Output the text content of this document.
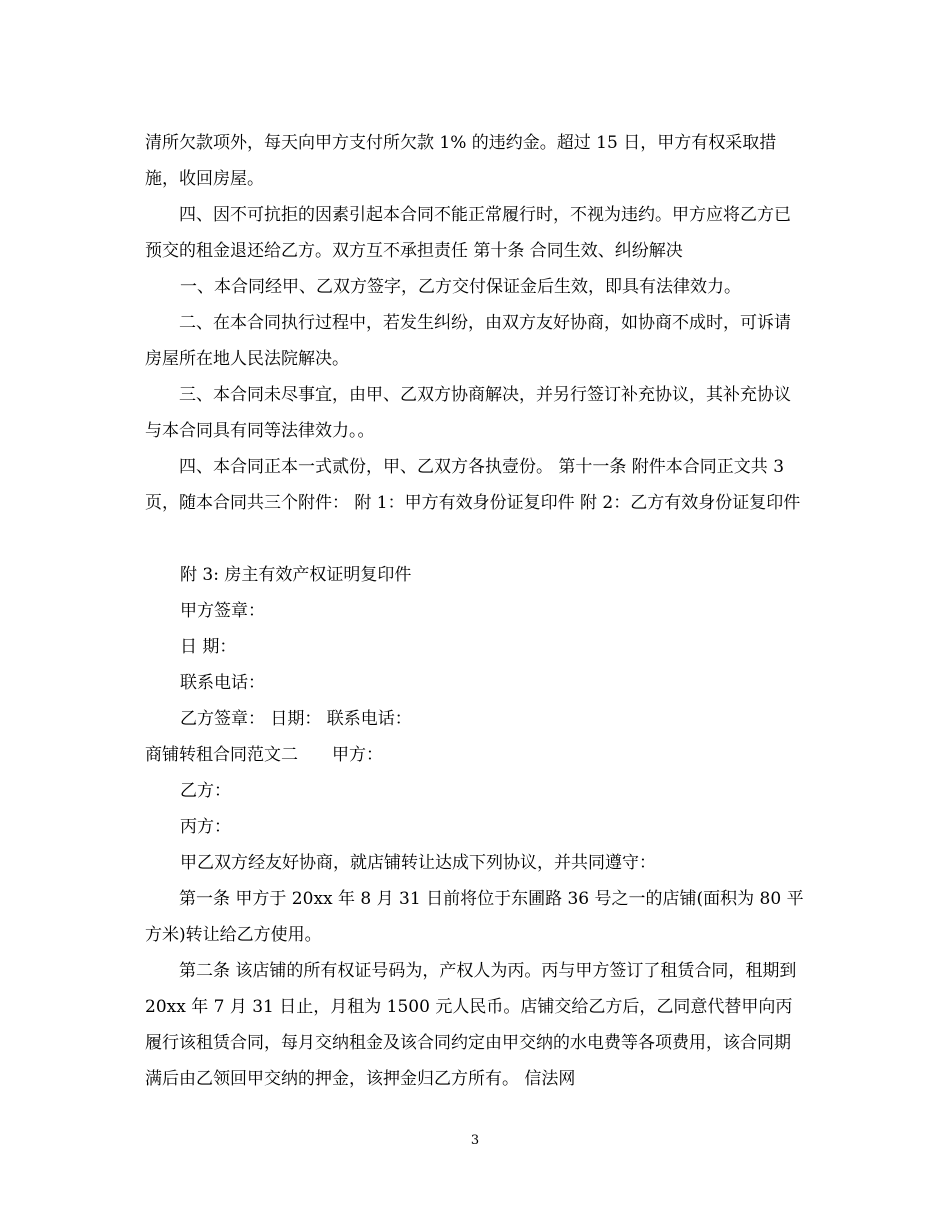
清所欠款项外，每天向甲方支付所欠款 1% 的违约金。超过 15 日，甲方有权采取措施，收回房屋。

四、因不可抗拒的因素引起本合同不能正常履行时，不视为违约。甲方应将乙方已预交的租金退还给乙方。双方互不承担责任 第十条 合同生效、纠纷解决

一、本合同经甲、乙双方签字，乙方交付保证金后生效，即具有法律效力。

二、在本合同执行过程中，若发生纠纷，由双方友好协商，如协商不成时，可诉请房屋所在地人民法院解决。

三、本合同未尽事宜，由甲、乙双方协商解决，并另行签订补充协议，其补充协议与本合同具有同等法律效力。。

四、本合同正本一式贰份，甲、乙双方各执壹份。 第十一条 附件本合同正文共 3 页，随本合同共三个附件： 附 1：甲方有效身份证复印件 附 2：乙方有效身份证复印件

附 3: 房主有效产权证明复印件
甲方签章：
日 期：
联系电话：
乙方签章： 日期： 联系电话：
商铺转租合同范文二 甲方：
乙方：
丙方：
甲乙双方经友好协商，就店铺转让达成下列协议，并共同遵守：

第一条 甲方于 20xx 年 8 月 31 日前将位于东圃路 36 号之一的店铺(面积为 80 平方米)转让给乙方使用。

第二条 该店铺的所有权证号码为，产权人为丙。丙与甲方签订了租赁合同，租期到 20xx 年 7 月 31 日止，月租为 1500 元人民币。店铺交给乙方后，乙同意代替甲向丙履行该租赁合同，每月交纳租金及该合同约定由甲交纳的水电费等各项费用，该合同期满后由乙领回甲交纳的押金，该押金归乙方所有。 信法网

3
